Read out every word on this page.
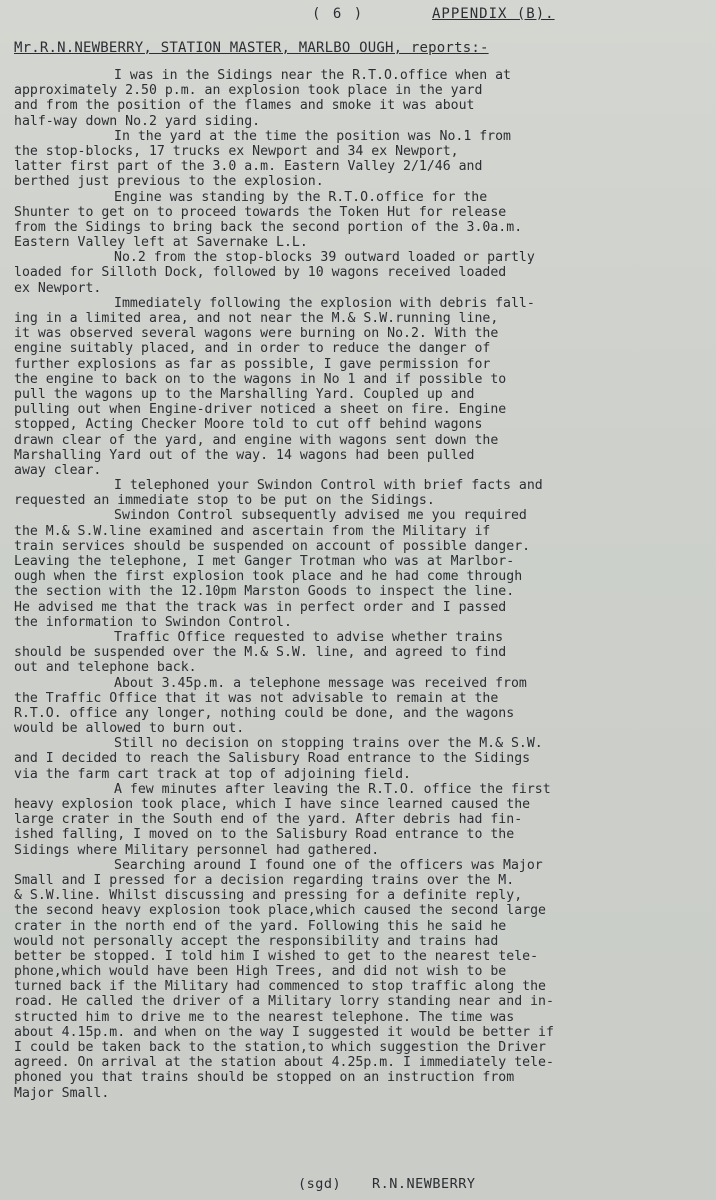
( 6 )	APPENDIX (B).
Mr.R.N.NEWBERRY, STATION MASTER, MARLBO OUGH, reports:-

I was in the Sidings near the R.T.O.office when at
approximately 2.50 p.m. an explosion took place in the yard
and from the position of the flames and smoke it was about
half-way down No.2 yard siding.

In the yard at the time the position was No.1 from
the stop-blocks, 17 trucks ex Newport and 34 ex Newport,
latter first part of the 3.0 a.m. Eastern Valley 2/1/46 and
berthed just previous to the explosion.

Engine was standing by the R.T.O.office for the
Shunter to get on to proceed towards the Token Hut for release
from the Sidings to bring back the second portion of the 3.0a.m.
Eastern Valley left at Savernake L.L.

No.2 from the stop-blocks 39 outward loaded or partly
loaded for Silloth Dock, followed by 10 wagons received loaded
ex Newport.

Immediately following the explosion with debris fall-
ing in a limited area, and not near the M.& S.W.running line,
it was observed several wagons were burning on No.2. With the
engine suitably placed, and in order to reduce the danger of
further explosions as far as possible, I gave permission for
the engine to back on to the wagons in No 1 and if possible to
pull the wagons up to the Marshalling Yard. Coupled up and
pulling out when Engine-driver noticed a sheet on fire. Engine
stopped, Acting Checker Moore told to cut off behind wagons
drawn clear of the yard, and engine with wagons sent down the
Marshalling Yard out of the way. 14 wagons had been pulled
away clear.

I telephoned your Swindon Control with brief facts and
requested an immediate stop to be put on the Sidings.

Swindon Control subsequently advised me you required
the M.& S.W.line examined and ascertain from the Military if
train services should be suspended on account of possible danger.
Leaving the telephone, I met Ganger Trotman who was at Marlbor-
ough when the first explosion took place and he had come through
the section with the 12.10pm Marston Goods to inspect the line.
He advised me that the track was in perfect order and I passed
the information to Swindon Control.

Traffic Office requested to advise whether trains
should be suspended over the M.& S.W. line, and agreed to find
out and telephone back.

About 3.45p.m. a telephone message was received from
the Traffic Office that it was not advisable to remain at the
R.T.O. office any longer, nothing could be done, and the wagons
would be allowed to burn out.

Still no decision on stopping trains over the M.& S.W.
and I decided to reach the Salisbury Road entrance to the Sidings
via the farm cart track at top of adjoining field.

A few minutes after leaving the R.T.O. office the first
heavy explosion took place, which I have since learned caused the
large crater in the South end of the yard. After debris had fin-
ished falling, I moved on to the Salisbury Road entrance to the
Sidings where Military personnel had gathered.

Searching around I found one of the officers was Major
Small and I pressed for a decision regarding trains over the M.
& S.W.line. Whilst discussing and pressing for a definite reply,
the second heavy explosion took place,which caused the second large
crater in the north end of the yard. Following this he said he
would not personally accept the responsibility and trains had
better be stopped. I told him I wished to get to the nearest tele-
phone,which would have been High Trees, and did not wish to be
turned back if the Military had commenced to stop traffic along the
road. He called the driver of a Military lorry standing near and in-
structed him to drive me to the nearest telephone. The time was
about 4.15p.m. and when on the way I suggested it would be better if
I could be taken back to the station,to which suggestion the Driver
agreed. On arrival at the station about 4.25p.m. I immediately tele-
phoned you that trains should be stopped on an instruction from
Major Small.

(sgd) R.N.NEWBERRY
